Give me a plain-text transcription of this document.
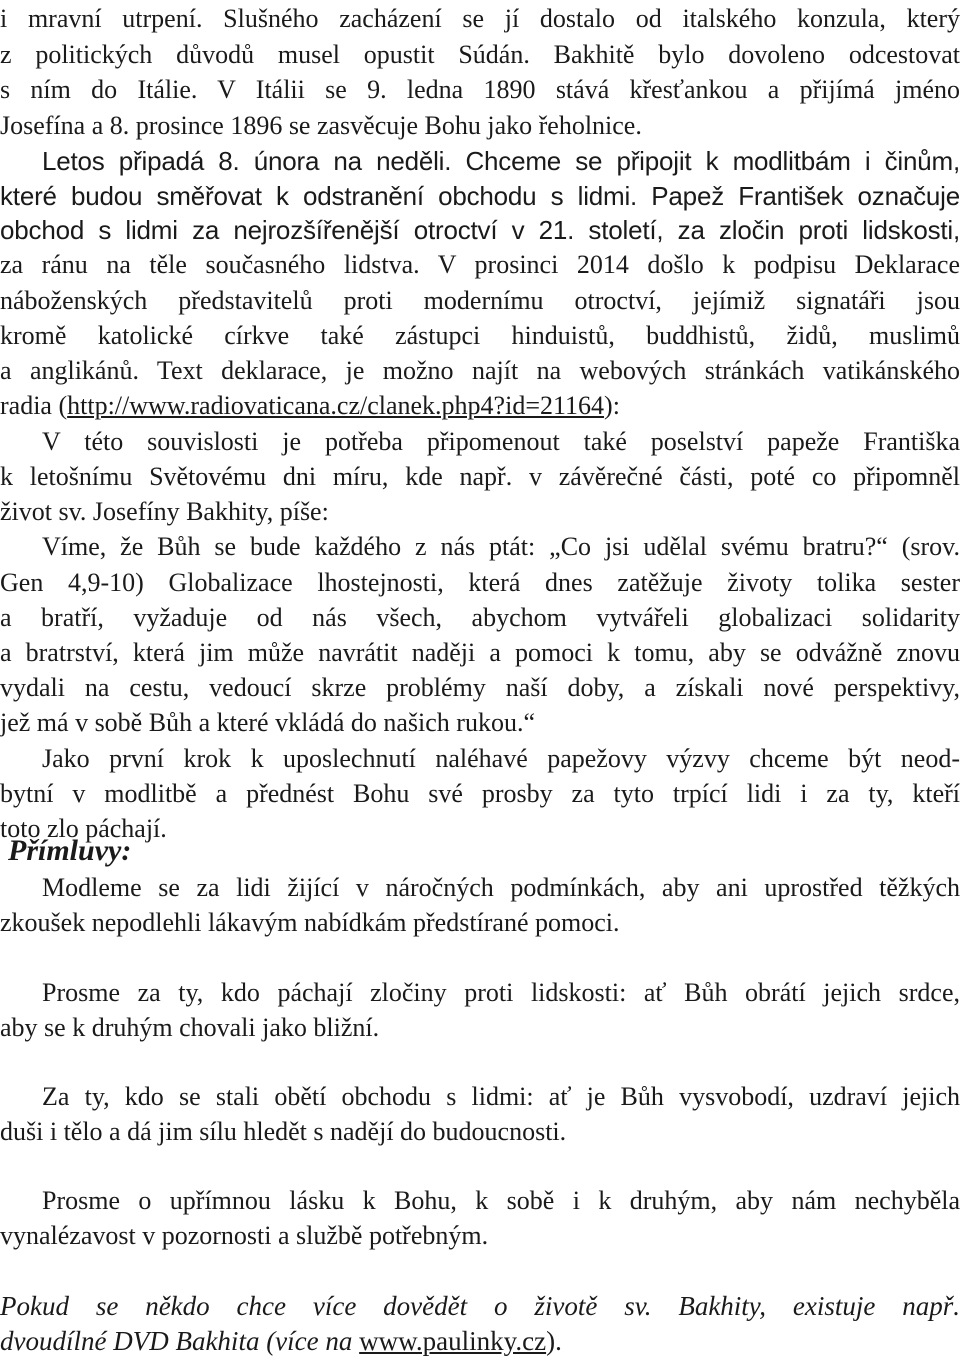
i mravní utrpení. Slušného zacházení se jí dostalo od italského konzula, který
z politických důvodů musel opustit Súdán. Bakhitě bylo dovoleno odcestovat
s ním do Itálie. V Itálii se 9. ledna 1890 stává křesťankou a přijímá jméno
Josefína a 8. prosince 1896 se zasvěcuje Bohu jako řeholnice.
Letos připadá 8. února na neděli. Chceme se připojit k modlitbám i činům,
které budou směřovat k odstranění obchodu s lidmi. Papež František označuje
obchod s lidmi za nejrozšířenější otroctví v 21. století, za zločin proti lidskosti,
za ránu na těle současného lidstva. V prosinci 2014 došlo k podpisu Deklarace
náboženských představitelů proti modernímu otroctví, jejímiž signatáři jsou
kromě katolické církve také zástupci hinduistů, buddhistů, židů, muslimů
a anglikánů. Text deklarace, je možno najít na webových stránkách vatikánského
radia (http://www.radiovaticana.cz/clanek.php4?id=21164):
V této souvislosti je potřeba připomenout také poselství papeže Františka
k letošnímu Světovému dni míru, kde např. v závěrečné části, poté co připomněl
život sv. Josefíny Bakhity, píše:
Víme, že Bůh se bude každého z nás ptát: „Co jsi udělal svému bratru?“ (srov.
Gen 4,9-10) Globalizace lhostejnosti, která dnes zatěžuje životy tolika sester
a bratří, vyžaduje od nás všech, abychom vytvářeli globalizaci solidarity
a bratrství, která jim může navrátit naději a pomoci k tomu, aby se odvážně znovu
vydali na cestu, vedoucí skrze problémy naší doby, a získali nové perspektivy,
jež má v sobě Bůh a které vkládá do našich rukou.“
Jako první krok k uposlechnutí naléhavé papežovy výzvy chceme být neod-
bytní v modlitbě a přednést Bohu své prosby za tyto trpící lidi i za ty, kteří
toto zlo páchají.
Přímluvy:
Modleme se za lidi žijící v náročných podmínkách, aby ani uprostřed těžkých
zkoušek nepodlehli lákavým nabídkám předstírané pomoci.
Prosme za ty, kdo páchají zločiny proti lidskosti: ať Bůh obrátí jejich srdce,
aby se k druhým chovali jako bližní.
Za ty, kdo se stali obětí obchodu s lidmi: ať je Bůh vysvobodí, uzdraví jejich
duši i tělo a dá jim sílu hledět s nadějí do budoucnosti.
Prosme o upřímnou lásku k Bohu, k sobě i k druhým, aby nám nechyběla
vynalézavost v pozornosti a službě potřebným.
Pokud se někdo chce více dovědět o životě sv. Bakhity, existuje např.
dvoudílné DVD Bakhita (více na www.paulinky.cz).
